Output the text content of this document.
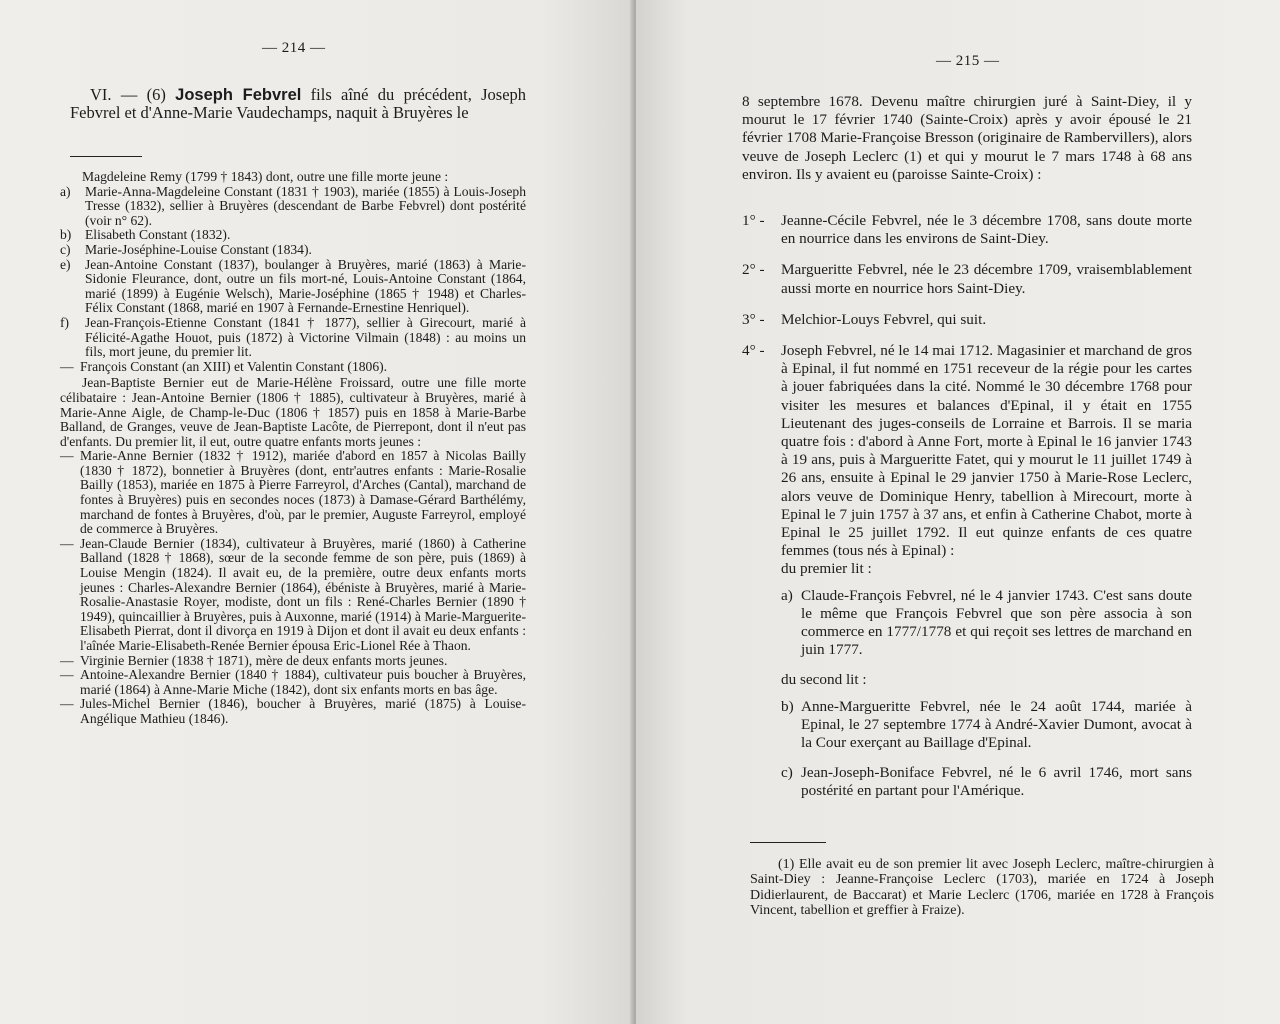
— 214 —

VI. — (6) Joseph Febvrel fils aîné du précédent, Joseph Febvrel et d'Anne-Marie Vaudechamps, naquit à Bruyères le

Magdeleine Remy (1799 † 1843) dont, outre une fille morte jeune :

a) Marie-Anna-Magdeleine Constant (1831 † 1903), mariée (1855) à Louis-Joseph Tresse (1832), sellier à Bruyères (descendant de Barbe Febvrel) dont postérité (voir n° 62).
b) Elisabeth Constant (1832).
c) Marie-Joséphine-Louise Constant (1834).
e) Jean-Antoine Constant (1837), boulanger à Bruyères, marié (1863) à Marie-Sidonie Fleurance, dont, outre un fils mort-né, Louis-Antoine Constant (1864, marié (1899) à Eugénie Welsch), Marie-Joséphine (1865 † 1948) et Charles-Félix Constant (1868, marié en 1907 à Fernande-Ernestine Henriquel).
f) Jean-François-Etienne Constant (1841 † 1877), sellier à Girecourt, marié à Félicité-Agathe Houot, puis (1872) à Victorine Vilmain (1848) : au moins un fils, mort jeune, du premier lit.
— François Constant (an XIII) et Valentin Constant (1806).

Jean-Baptiste Bernier eut de Marie-Hélène Froissard, outre une fille morte célibataire : Jean-Antoine Bernier (1806 † 1885), cultivateur à Bruyères, marié à Marie-Anne Aigle, de Champ-le-Duc (1806 † 1857) puis en 1858 à Marie-Barbe Balland, de Granges, veuve de Jean-Baptiste Lacôte, de Pierrepont, dont il n'eut pas d'enfants. Du premier lit, il eut, outre quatre enfants morts jeunes :

— Marie-Anne Bernier (1832 † 1912), mariée d'abord en 1857 à Nicolas Bailly (1830 † 1872), bonnetier à Bruyères (dont, entr'autres enfants : Marie-Rosalie Bailly (1853), mariée en 1875 à Pierre Farreyrol, d'Arches (Cantal), marchand de fontes à Bruyères) puis en secondes noces (1873) à Damase-Gérard Barthélémy, marchand de fontes à Bruyères, d'où, par le premier, Auguste Farreyrol, employé de commerce à Bruyères.
— Jean-Claude Bernier (1834), cultivateur à Bruyères, marié (1860) à Catherine Balland (1828 † 1868), sœur de la seconde femme de son père, puis (1869) à Louise Mengin (1824). Il avait eu, de la première, outre deux enfants morts jeunes : Charles-Alexandre Bernier (1864), ébéniste à Bruyères, marié à Marie-Rosalie-Anastasie Royer, modiste, dont un fils : René-Charles Bernier (1890 † 1949), quincaillier à Bruyères, puis à Auxonne, marié (1914) à Marie-Marguerite-Elisabeth Pierrat, dont il divorça en 1919 à Dijon et dont il avait eu deux enfants : l'aînée Marie-Elisabeth-Renée Bernier épousa Eric-Lionel Rée à Thaon.
— Virginie Bernier (1838 † 1871), mère de deux enfants morts jeunes.
— Antoine-Alexandre Bernier (1840 † 1884), cultivateur puis boucher à Bruyères, marié (1864) à Anne-Marie Miche (1842), dont six enfants morts en bas âge.
— Jules-Michel Bernier (1846), boucher à Bruyères, marié (1875) à Louise-Angélique Mathieu (1846).
— 215 —

8 septembre 1678. Devenu maître chirurgien juré à Saint-Diey, il y mourut le 17 février 1740 (Sainte-Croix) après y avoir épousé le 21 février 1708 Marie-Françoise Bresson (originaire de Rambervillers), alors veuve de Joseph Leclerc (1) et qui y mourut le 7 mars 1748 à 68 ans environ. Ils y avaient eu (paroisse Sainte-Croix) :

1° - Jeanne-Cécile Febvrel, née le 3 décembre 1708, sans doute morte en nourrice dans les environs de Saint-Diey.

2° - Margueritte Febvrel, née le 23 décembre 1709, vraisemblablement aussi morte en nourrice hors Saint-Diey.

3° - Melchior-Louys Febvrel, qui suit.

4° - Joseph Febvrel, né le 14 mai 1712. Magasinier et marchand de gros à Epinal, il fut nommé en 1751 receveur de la régie pour les cartes à jouer fabriquées dans la cité. Nommé le 30 décembre 1768 pour visiter les mesures et balances d'Epinal, il y était en 1755 Lieutenant des juges-conseils de Lorraine et Barrois. Il se maria quatre fois : d'abord à Anne Fort, morte à Epinal le 16 janvier 1743 à 19 ans, puis à Margueritte Fatet, qui y mourut le 11 juillet 1749 à 26 ans, ensuite à Epinal le 29 janvier 1750 à Marie-Rose Leclerc, alors veuve de Dominique Henry, tabellion à Mirecourt, morte à Epinal le 7 juin 1757 à 37 ans, et enfin à Catherine Chabot, morte à Epinal le 25 juillet 1792. Il eut quinze enfants de ces quatre femmes (tous nés à Epinal) :

du premier lit :

a) Claude-François Febvrel, né le 4 janvier 1743. C'est sans doute le même que François Febvrel que son père associa à son commerce en 1777/1778 et qui reçoit ses lettres de marchand en juin 1777.

du second lit :

b) Anne-Margueritte Febvrel, née le 24 août 1744, mariée à Epinal, le 27 septembre 1774 à André-Xavier Dumont, avocat à la Cour exerçant au Baillage d'Epinal.
c) Jean-Joseph-Boniface Febvrel, né le 6 avril 1746, mort sans postérité en partant pour l'Amérique.

(1) Elle avait eu de son premier lit avec Joseph Leclerc, maître-chirurgien à Saint-Diey : Jeanne-Françoise Leclerc (1703), mariée en 1724 à Joseph Didierlaurent, de Baccarat) et Marie Leclerc (1706, mariée en 1728 à François Vincent, tabellion et greffier à Fraize).
